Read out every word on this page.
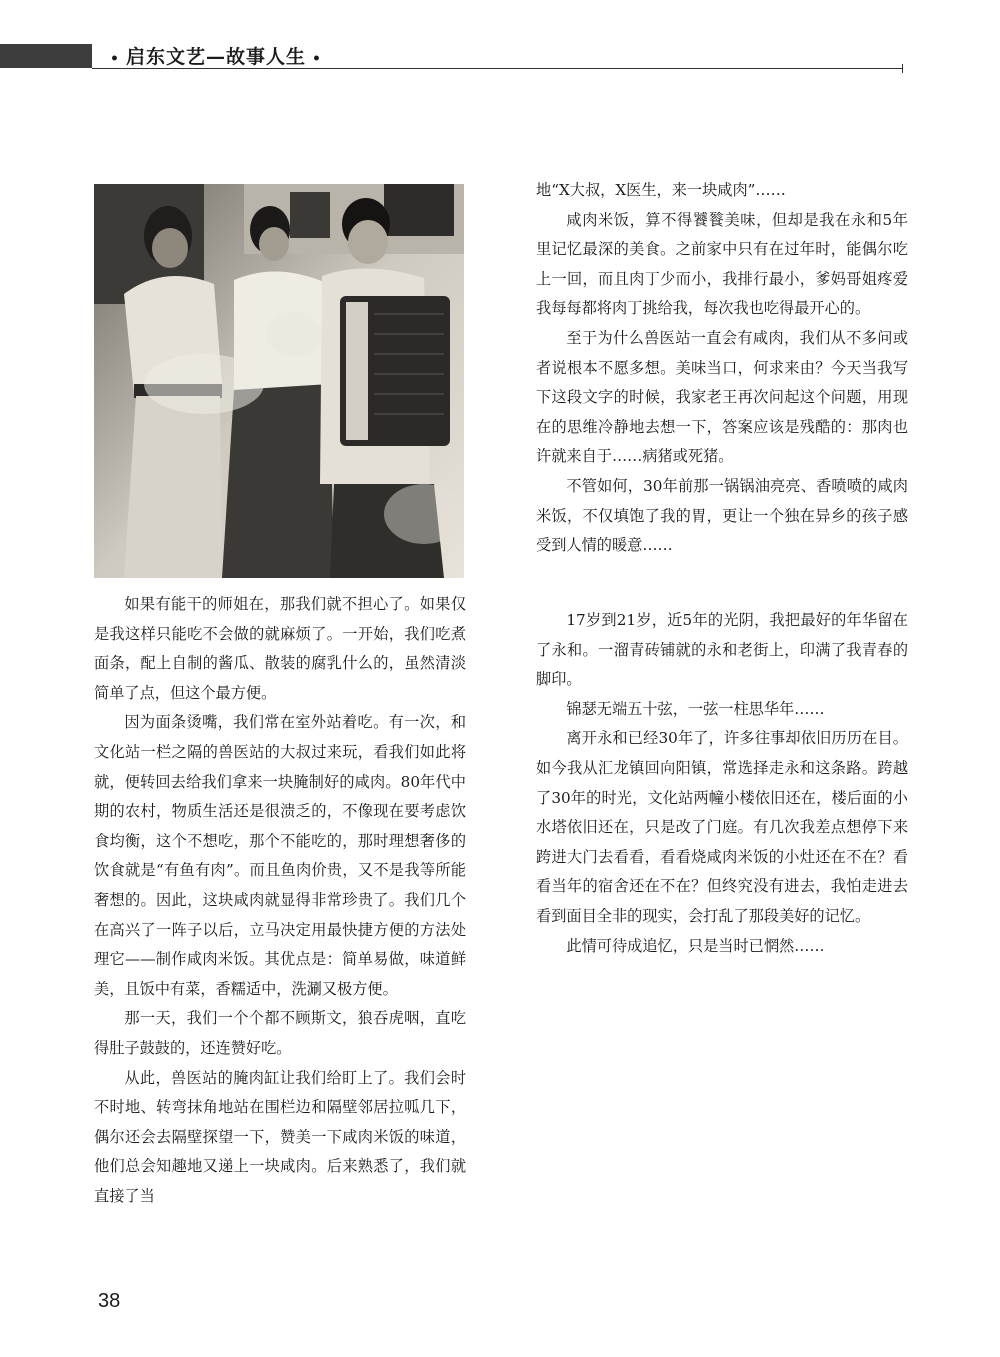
• 启东文艺—故事人生 •

如果有能干的师姐在，那我们就不担心了。如果仅是我这样只能吃不会做的就麻烦了。一开始，我们吃煮面条，配上自制的酱瓜、散装的腐乳什么的，虽然清淡简单了点，但这个最方便。

因为面条烫嘴，我们常在室外站着吃。有一次，和文化站一栏之隔的兽医站的大叔过来玩，看我们如此将就，便转回去给我们拿来一块腌制好的咸肉。80年代中期的农村，物质生活还是很溃乏的，不像现在要考虑饮食均衡，这个不想吃，那个不能吃的，那时理想奢侈的饮食就是“有鱼有肉”。而且鱼肉价贵，又不是我等所能奢想的。因此，这块咸肉就显得非常珍贵了。我们几个在高兴了一阵子以后，立马决定用最快捷方便的方法处理它——制作咸肉米饭。其优点是：简单易做，味道鲜美，且饭中有菜，香糯适中，洗涮又极方便。

那一天，我们一个个都不顾斯文，狼吞虎咽，直吃得肚子鼓鼓的，还连赞好吃。

从此，兽医站的腌肉缸让我们给盯上了。我们会时不时地、转弯抹角地站在围栏边和隔壁邻居拉呱几下，偶尔还会去隔壁探望一下，赞美一下咸肉米饭的味道，他们总会知趣地又递上一块咸肉。后来熟悉了，我们就直接了当

地“X大叔，X医生，来一块咸肉”……

咸肉米饭，算不得饕餮美味，但却是我在永和5年里记忆最深的美食。之前家中只有在过年时，能偶尔吃上一回，而且肉丁少而小，我排行最小，爹妈哥姐疼爱我每每都将肉丁挑给我，每次我也吃得最开心的。

至于为什么兽医站一直会有咸肉，我们从不多问或者说根本不愿多想。美味当口，何求来由？今天当我写下这段文字的时候，我家老王再次问起这个问题，用现在的思维冷静地去想一下，答案应该是残酷的：那肉也许就来自于……病猪或死猪。

不管如何，30年前那一锅锅油亮亮、香喷喷的咸肉米饭，不仅填饱了我的胃，更让一个独在异乡的孩子感受到人情的暖意……

17岁到21岁，近5年的光阴，我把最好的年华留在了永和。一溜青砖铺就的永和老街上，印满了我青春的脚印。

锦瑟无端五十弦，一弦一柱思华年……

离开永和已经30年了，许多往事却依旧历历在目。如今我从汇龙镇回向阳镇，常选择走永和这条路。跨越了30年的时光，文化站两幢小楼依旧还在，楼后面的小水塔依旧还在，只是改了门庭。有几次我差点想停下来跨进大门去看看，看看烧咸肉米饭的小灶还在不在？看看当年的宿舍还在不在？但终究没有进去，我怕走进去看到面目全非的现实，会打乱了那段美好的记忆。

此情可待成追忆，只是当时已惘然……

38
